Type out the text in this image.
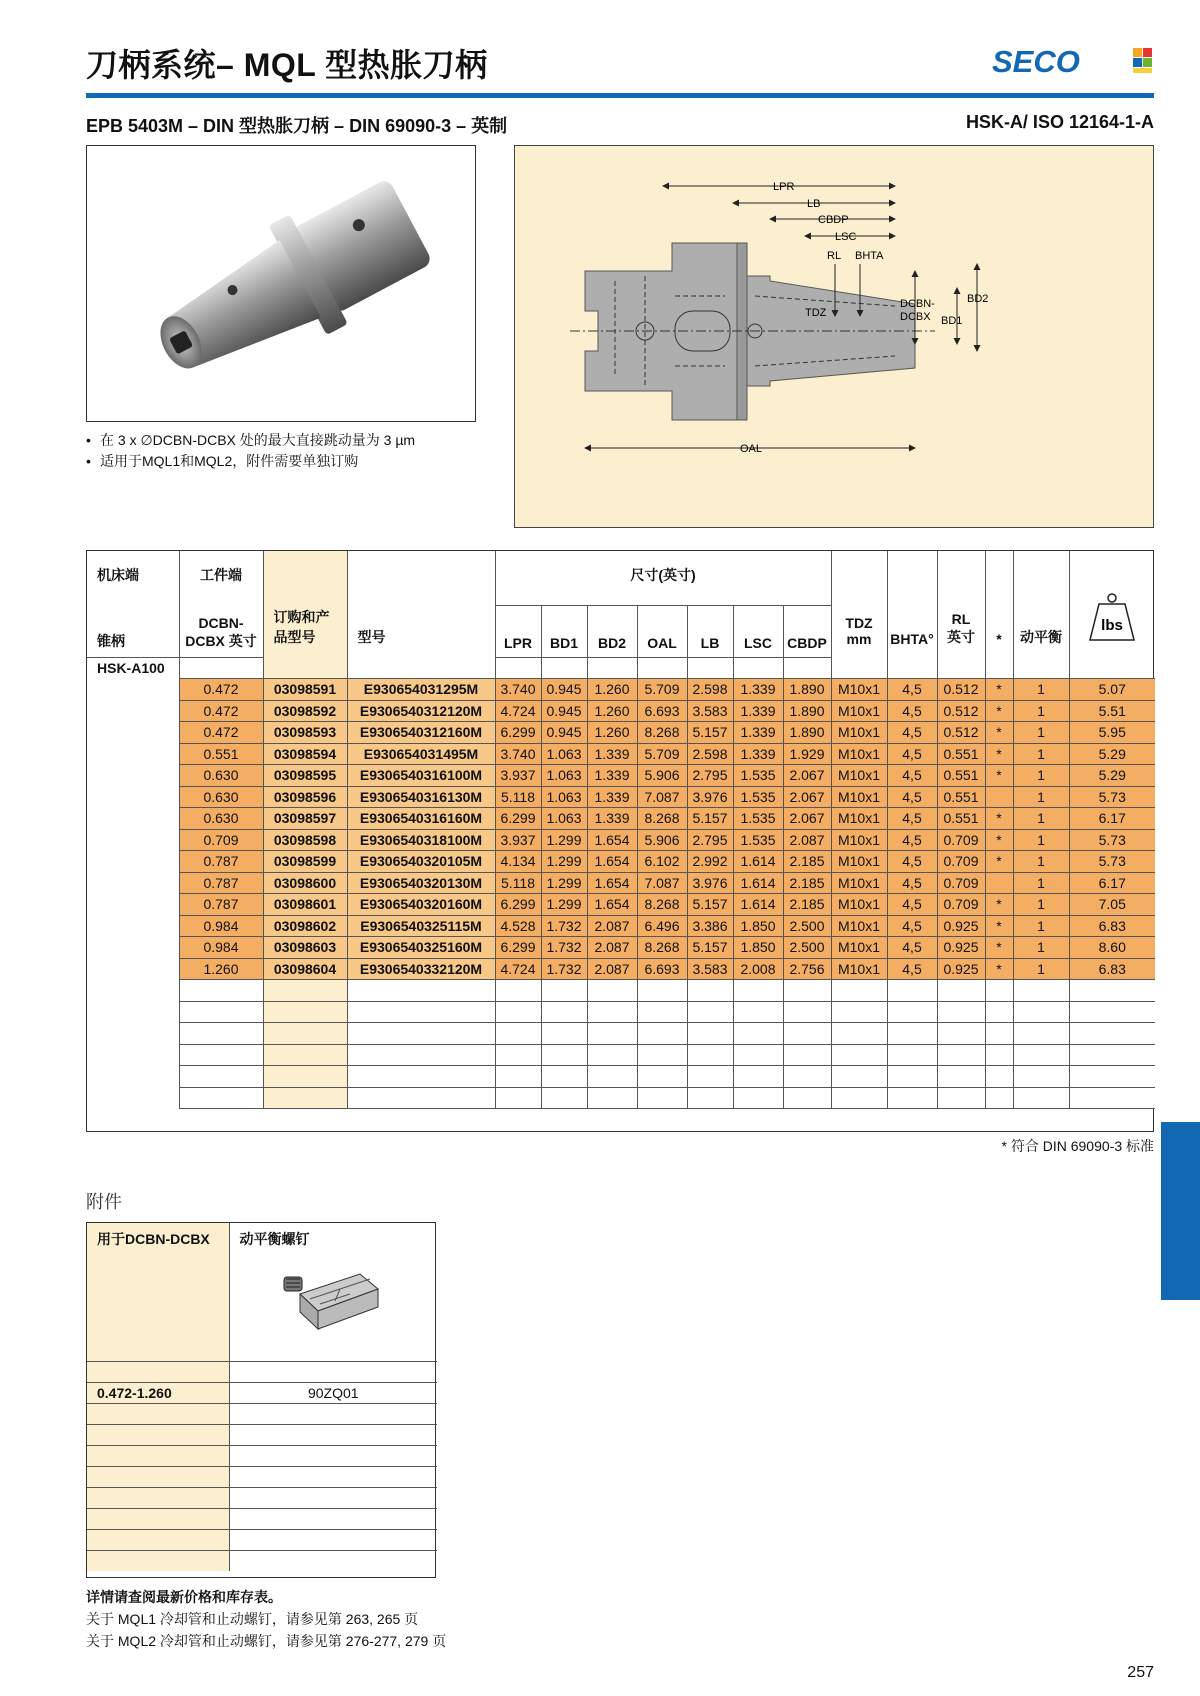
刀柄系统– MQL 型热胀刀柄	SECO
EPB 5403M – DIN 型热胀刀柄 – DIN 69090-3 – 英制	HSK-A/ ISO 12164-1-A
• 在 3 x ∅DCBN-DCBX 处的最大直接跳动量为 3 µm
• 适用于MQL1和MQL2，附件需要单独订购
LPR
LB
CBDP
LSC
RL BHTA
TDZ
DCBN-
DCBX BD1
BD2
OAL
机床端	工件端	订购和产
品型号	型号	尺寸(英寸)							TDZ
mm	BHTA°	RL
英寸	*	动平衡	lbs

锥柄	DCBN-
DCBX 英寸			LPR	BD1	BD2	OAL	LB	LSC	CBDP						
HSK-A100																
	0.472	03098591	E930654031295M	3.740	0.945	1.260	5.709	2.598	1.339	1.890	M10x1	4,5	0.512	*	1	5.07
	0.472	03098592	E9306540312120M	4.724	0.945	1.260	6.693	3.583	1.339	1.890	M10x1	4,5	0.512	*	1	5.51
	0.472	03098593	E9306540312160M	6.299	0.945	1.260	8.268	5.157	1.339	1.890	M10x1	4,5	0.512	*	1	5.95
	0.551	03098594	E930654031495M	3.740	1.063	1.339	5.709	2.598	1.339	1.929	M10x1	4,5	0.551	*	1	5.29
	0.630	03098595	E9306540316100M	3.937	1.063	1.339	5.906	2.795	1.535	2.067	M10x1	4,5	0.551	*	1	5.29
	0.630	03098596	E9306540316130M	5.118	1.063	1.339	7.087	3.976	1.535	2.067	M10x1	4,5	0.551		1	5.73
	0.630	03098597	E9306540316160M	6.299	1.063	1.339	8.268	5.157	1.535	2.067	M10x1	4,5	0.551	*	1	6.17
	0.709	03098598	E9306540318100M	3.937	1.299	1.654	5.906	2.795	1.535	2.087	M10x1	4,5	0.709	*	1	5.73
	0.787	03098599	E9306540320105M	4.134	1.299	1.654	6.102	2.992	1.614	2.185	M10x1	4,5	0.709	*	1	5.73
	0.787	03098600	E9306540320130M	5.118	1.299	1.654	7.087	3.976	1.614	2.185	M10x1	4,5	0.709		1	6.17
	0.787	03098601	E9306540320160M	6.299	1.299	1.654	8.268	5.157	1.614	2.185	M10x1	4,5	0.709	*	1	7.05
	0.984	03098602	E9306540325115M	4.528	1.732	2.087	6.496	3.386	1.850	2.500	M10x1	4,5	0.925	*	1	6.83
	0.984	03098603	E9306540325160M	6.299	1.732	2.087	8.268	5.157	1.850	2.500	M10x1	4,5	0.925	*	1	8.60
	1.260	03098604	E9306540332120M	4.724	1.732	2.087	6.693	3.583	2.008	2.756	M10x1	4,5	0.925	*	1	6.83

* 符合 DIN 69090-3 标准
附件
用于DCBN-DCBX	动平衡螺钉

0.472-1.260	90ZQ01

详情请查阅最新价格和库存表。
关于 MQL1 冷却管和止动螺钉，请参见第 263, 265 页
关于 MQL2 冷却管和止动螺钉，请参见第 276-277, 279 页
257
